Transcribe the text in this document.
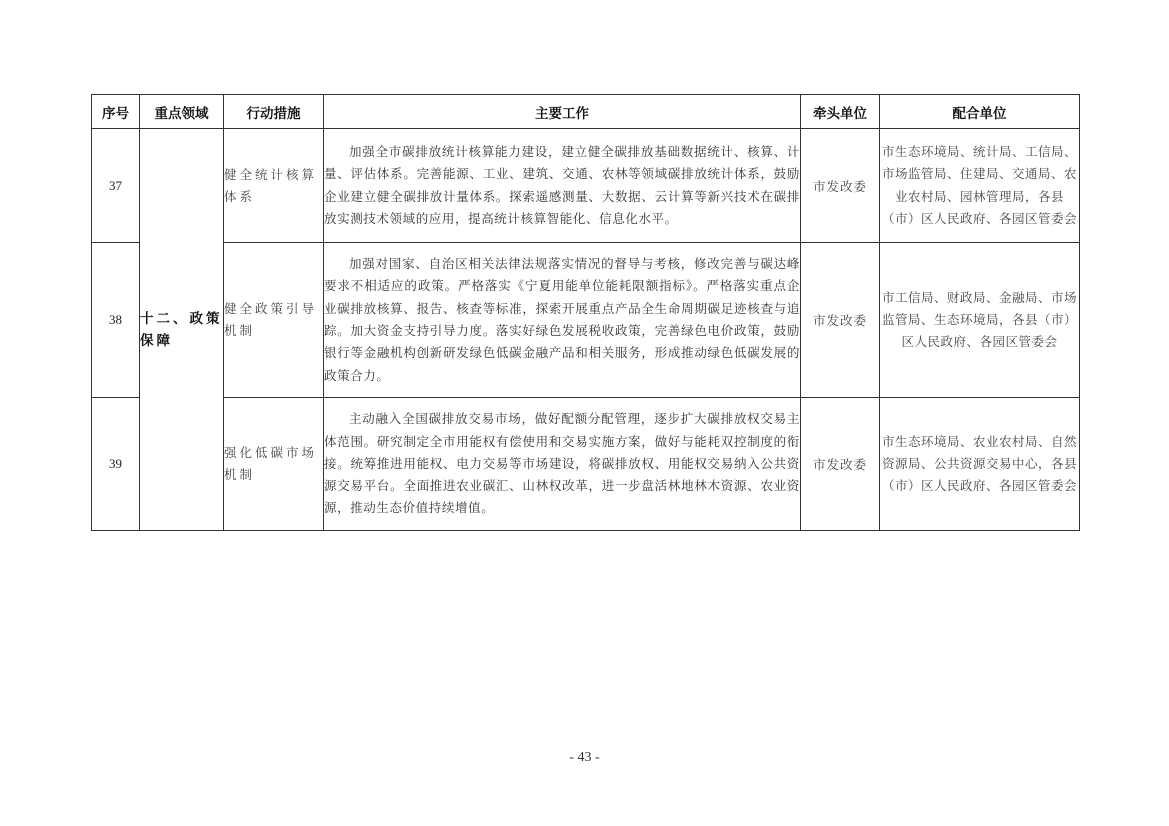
序号	重点领域	行动措施	主要工作	牵头单位	配合单位
37	十二、政策保障	健全统计核算体系	加强全市碳排放统计核算能力建设，建立健全碳排放基础数据统计、核算、计量、评估体系。完善能源、工业、建筑、交通、农林等领域碳排放统计体系，鼓励企业建立健全碳排放计量体系。探索遥感测量、大数据、云计算等新兴技术在碳排放实测技术领域的应用，提高统计核算智能化、信息化水平。	市发改委	市生态环境局、统计局、工信局、市场监管局、住建局、交通局、农业农村局、园林管理局，各县（市）区人民政府、各园区管委会
38		健全政策引导机制	加强对国家、自治区相关法律法规落实情况的督导与考核，修改完善与碳达峰要求不相适应的政策。严格落实《宁夏用能单位能耗限额指标》。严格落实重点企业碳排放核算、报告、核查等标准，探索开展重点产品全生命周期碳足迹核查与追踪。加大资金支持引导力度。落实好绿色发展税收政策，完善绿色电价政策，鼓励银行等金融机构创新研发绿色低碳金融产品和相关服务，形成推动绿色低碳发展的政策合力。	市发改委	市工信局、财政局、金融局、市场监管局、生态环境局，各县（市）区人民政府、各园区管委会
39		强化低碳市场机制	主动融入全国碳排放交易市场，做好配额分配管理，逐步扩大碳排放权交易主体范围。研究制定全市用能权有偿使用和交易实施方案，做好与能耗双控制度的衔接。统筹推进用能权、电力交易等市场建设，将碳排放权、用能权交易纳入公共资源交易平台。全面推进农业碳汇、山林权改革，进一步盘活林地林木资源、农业资源，推动生态价值持续增值。	市发改委	市生态环境局、农业农村局、自然资源局、公共资源交易中心，各县（市）区人民政府、各园区管委会
- 43 -
